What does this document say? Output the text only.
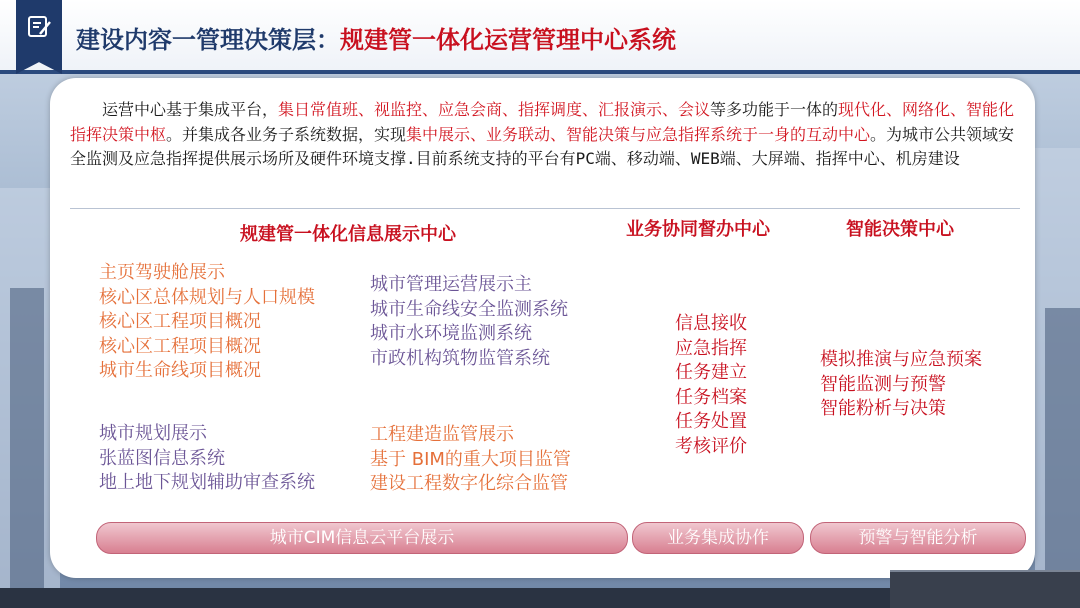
建设内容一管理决策层：规建管一体化运营管理中心系统
运营中心基于集成平台，集日常值班、视监控、应急会商、指挥调度、汇报演示、会议等多功能于一体的现代化、网络化、智能化指挥决策中枢。并集成各业务子系统数据，实现集中展示、业务联动、智能决策与应急指挥系统于一身的互动中心。为城市公共领域安全监测及应急指挥提供展示场所及硬件环境支撑.目前系统支持的平台有PC端、移动端、WEB端、大屏端、指挥中心、机房建设
规建管一体化信息展示中心	业务协同督办中心	智能决策中心
主页驾驶舱展示
核心区总体规划与人口规模
核心区工程项目概况
核心区工程项目概况
城市生命线项目概况
城市管理运营展示主
城市生命线安全监测系统
城市水环境监测系统
市政机构筑物监管系统
城市规划展示
张蓝图信息系统
地上地下规划辅助审查系统
工程建造监管展示
基于 BIM的重大项目监管
建设工程数字化综合监管
信息接收
应急指挥
任务建立
任务档案
任务处置
考核评价
模拟推演与应急预案
智能监测与预警
智能粉析与决策
城市CIM信息云平台展示	业务集成协作	预警与智能分析
